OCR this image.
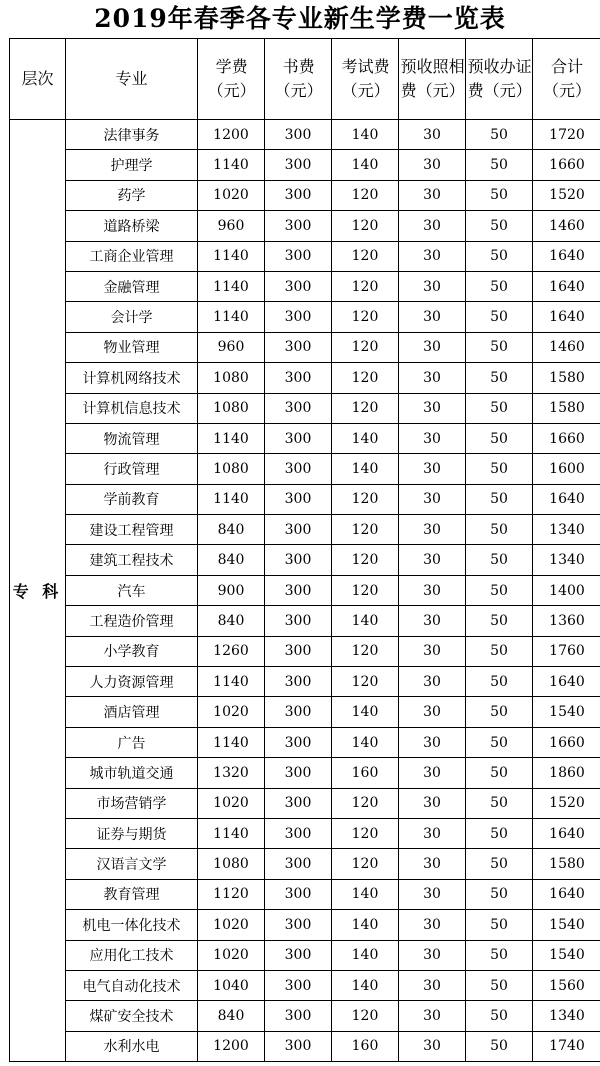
2019年春季各专业新生学费一览表
层次	专业	学费（元）	书费（元）	考试费（元）	预收照相费（元）	预收办证费（元）	合计（元）
专 科	法律事务	1200	300	140	30	50	1720
	护理学	1140	300	140	30	50	1660
	药学	1020	300	120	30	50	1520
	道路桥梁	960	300	120	30	50	1460
	工商企业管理	1140	300	120	30	50	1640
	金融管理	1140	300	120	30	50	1640
	会计学	1140	300	120	30	50	1640
	物业管理	960	300	120	30	50	1460
	计算机网络技术	1080	300	120	30	50	1580
	计算机信息技术	1080	300	120	30	50	1580
	物流管理	1140	300	140	30	50	1660
	行政管理	1080	300	140	30	50	1600
	学前教育	1140	300	120	30	50	1640
	建设工程管理	840	300	120	30	50	1340
	建筑工程技术	840	300	120	30	50	1340
	汽车	900	300	120	30	50	1400
	工程造价管理	840	300	140	30	50	1360
	小学教育	1260	300	120	30	50	1760
	人力资源管理	1140	300	120	30	50	1640
	酒店管理	1020	300	140	30	50	1540
	广告	1140	300	140	30	50	1660
	城市轨道交通	1320	300	160	30	50	1860
	市场营销学	1020	300	120	30	50	1520
	证券与期货	1140	300	120	30	50	1640
	汉语言文学	1080	300	120	30	50	1580
	教育管理	1120	300	140	30	50	1640
	机电一体化技术	1020	300	140	30	50	1540
	应用化工技术	1020	300	140	30	50	1540
	电气自动化技术	1040	300	140	30	50	1560
	煤矿安全技术	840	300	120	30	50	1340
	水利水电	1200	300	160	30	50	1740
